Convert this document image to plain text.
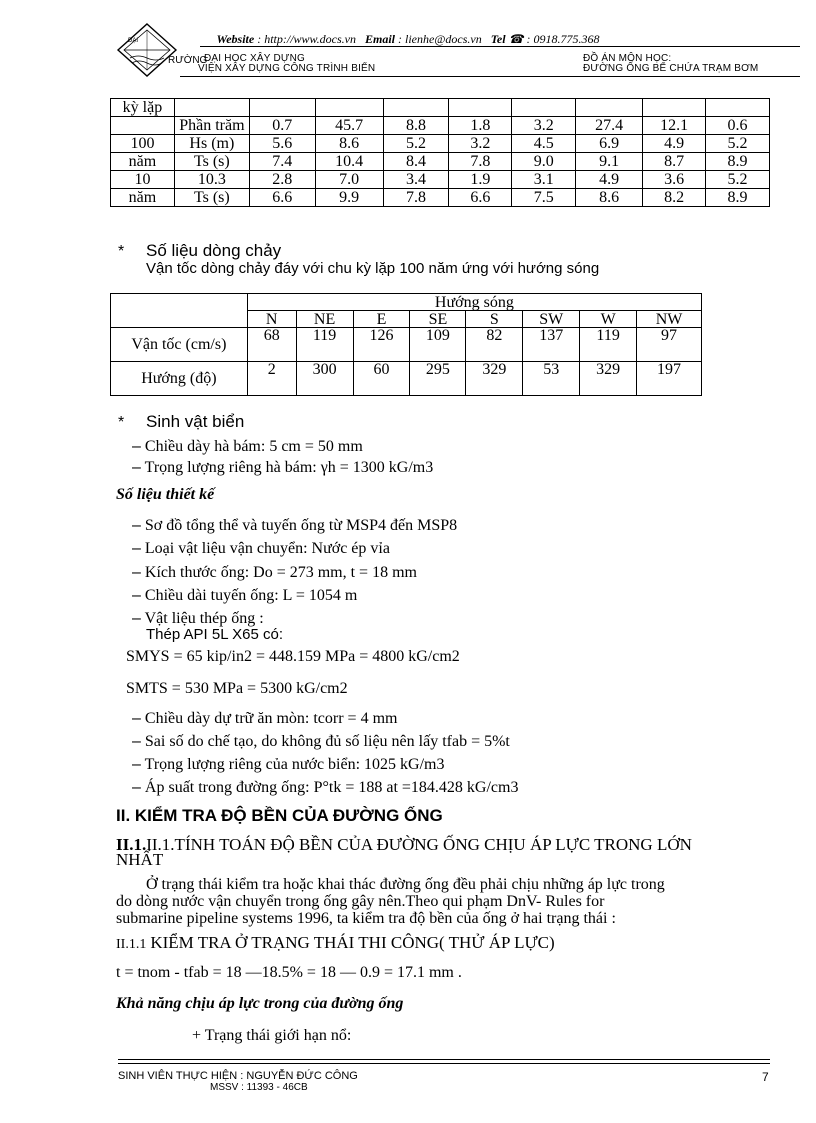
Website : http://www.docs.vn Email : lienhe@docs.vn Tel ☎ : 0918.775.368
ĐẠI
RƯỜNG
ĐẠI HỌC XÂY DỰNG
VIỆN XÂY DỰNG CÔNG TRÌNH BIỂN
ĐỒ ÁN MÔN HỌC:
ĐƯỜNG ỐNG BỂ CHỨA TRẠM BƠM
kỳ lặp									
	Phần trăm	0.7	45.7	8.8	1.8	3.2	27.4	12.1	0.6
100	Hs (m)	5.6	8.6	5.2	3.2	4.5	6.9	4.9	5.2
năm	Ts (s)	7.4	10.4	8.4	7.8	9.0	9.1	8.7	8.9
10	10.3	2.8	7.0	3.4	1.9	3.1	4.9	3.6	5.2
năm	Ts (s)	6.6	9.9	7.8	6.6	7.5	8.6	8.2	8.9
* Số liệu dòng chảy
Vận tốc dòng chảy đáy với chu kỳ lặp 100 năm ứng với hướng sóng
	Hướng sóng							
	N	NE	E	SE	S	SW	W	NW
Vận tốc (cm/s)	68	119	126	109	82	137	119	97
Hướng (độ)	2	300	60	295	329	53	329	197
* Sinh vật biển
– Chiều dày hà bám: 5 cm = 50 mm
– Trọng lượng riêng hà bám: γh = 1300 kG/m3
Số liệu thiết kế
– Sơ đồ tổng thể và tuyến ống từ MSP4 đến MSP8
– Loại vật liệu vận chuyển: Nước ép vỉa
– Kích thước ống: Do = 273 mm, t = 18 mm
– Chiều dài tuyến ống: L = 1054 m
– Vật liệu thép ống :
Thép API 5L X65 có:
SMYS = 65 kip/in2 = 448.159 MPa = 4800 kG/cm2
SMTS = 530 MPa = 5300 kG/cm2
– Chiều dày dự trữ ăn mòn: tcorr = 4 mm
– Sai số do chế tạo, do không đủ số liệu nên lấy tfab = 5%t
– Trọng lượng riêng của nước biển: 1025 kG/m3
– Áp suất trong đường ống: P°tk = 188 at =184.428 kG/cm3
II. KIỂM TRA ĐỘ BỀN CỦA ĐƯỜNG ỐNG
II.1.II.1.TÍNH TOÁN ĐỘ BỀN CỦA ĐƯỜNG ỐNG CHỊU ÁP LỰC TRONG LỚN
NHẤT
Ở trạng thái kiểm tra hoặc khai thác đường ống đều phải chịu những áp lực trong
do dòng nước vận chuyển trong ống gây nên.Theo qui phạm DnV- Rules for
submarine pipeline systems 1996, ta kiểm tra độ bền của ống ở hai trạng thái :
II.1.1 KIỂM TRA Ở TRẠNG THÁI THI CÔNG( THỬ ÁP LỰC)
t = tnom - tfab = 18 —18.5% = 18 — 0.9 = 17.1 mm .
Khả năng chịu áp lực trong của đường ống
+ Trạng thái giới hạn nổ:
SINH VIÊN THỰC HIỆN : NGUYỄN ĐỨC CÔNG
MSSV : 11393 - 46CB
7
